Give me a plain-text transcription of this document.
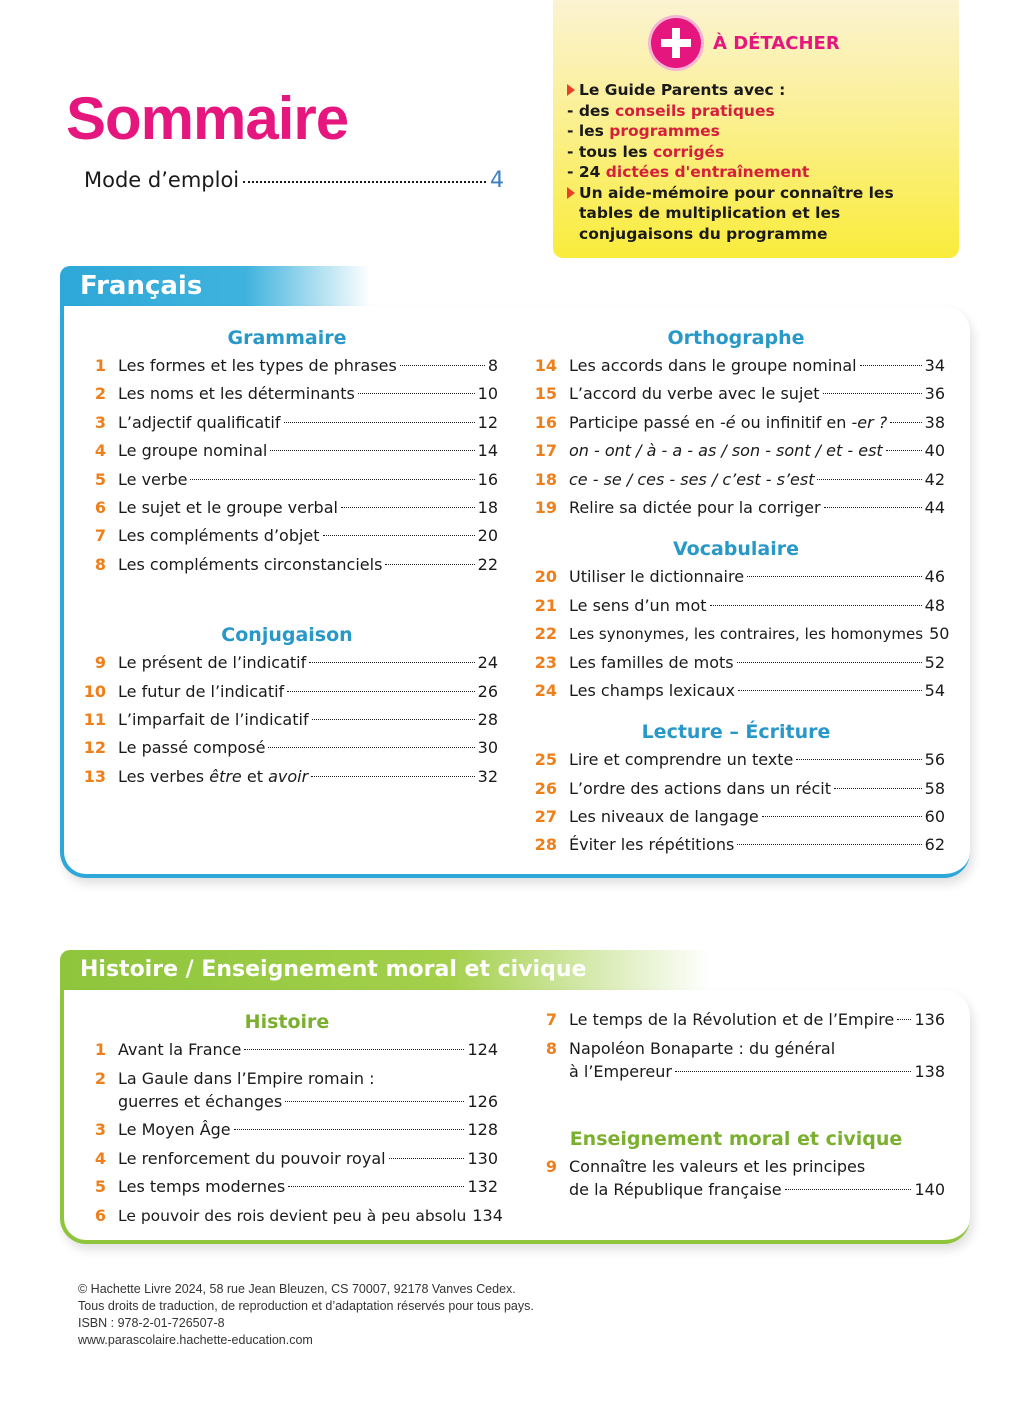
Sommaire
Mode d’emploi	4
À DÉTACHER
Le Guide Parents avec :
- des conseils pratiques
- les programmes
- tous les corrigés
- 24 dictées d'entraînement
Un aide-mémoire pour connaître les tables de multiplication et les conjugaisons du programme
Français
Grammaire
1 Les formes et les types de phrases	8
2 Les noms et les déterminants	10
3 L’adjectif qualificatif	12
4 Le groupe nominal	14
5 Le verbe	16
6 Le sujet et le groupe verbal	18
7 Les compléments d’objet	20
8 Les compléments circonstanciels	22
Conjugaison
9 Le présent de l’indicatif	24
10 Le futur de l’indicatif	26
11 L’imparfait de l’indicatif	28
12 Le passé composé	30
13 Les verbes être et avoir	32
Orthographe
14 Les accords dans le groupe nominal	34
15 L’accord du verbe avec le sujet	36
16 Participe passé en -é ou infinitif en -er ? 38
17 on - ont / à - a - as / son - sont / et - est	40
18 ce - se / ces - ses / c’est - s’est	42
19 Relire sa dictée pour la corriger	44
Vocabulaire
20 Utiliser le dictionnaire	46
21 Le sens d’un mot	48
22 Les synonymes, les contraires, les homonymes 50
23 Les familles de mots	52
24 Les champs lexicaux	54
Lecture – Écriture
25 Lire et comprendre un texte	56
26 L’ordre des actions dans un récit	58
27 Les niveaux de langage	60
28 Éviter les répétitions	62
Histoire / Enseignement moral et civique
Histoire
1 Avant la France	124
2 La Gaule dans l’Empire romain :
guerres et échanges	126
3 Le Moyen Âge	128
4 Le renforcement du pouvoir royal	130
5 Les temps modernes	132
6 Le pouvoir des rois devient peu à peu absolu 134
7 Le temps de la Révolution et de l’Empire 136
8 Napoléon Bonaparte : du général
à l’Empereur	138
Enseignement moral et civique
9 Connaître les valeurs et les principes
de la République française	140
© Hachette Livre 2024, 58 rue Jean Bleuzen, CS 70007, 92178 Vanves Cedex.
Tous droits de traduction, de reproduction et d’adaptation réservés pour tous pays.
ISBN : 978-2-01-726507-8
www.parascolaire.hachette-education.com
